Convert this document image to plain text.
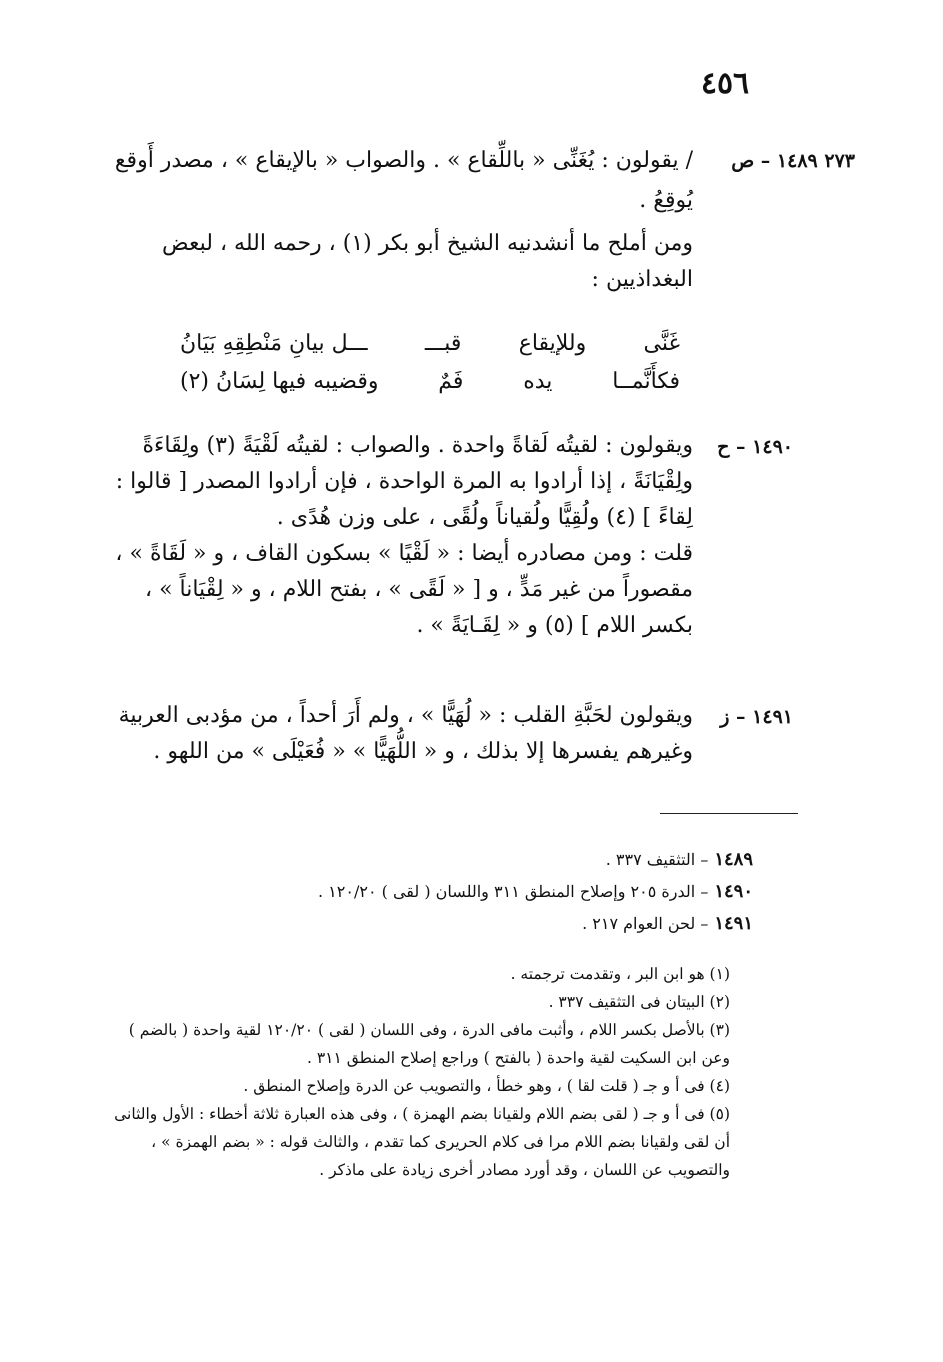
٤٥٦
٢٧٣ ١٤٨٩ – ص
/ يقولون : يُغَنِّى « باللِّقاع » . والصواب « بالإيقاع » ، مصدر أَوقع
يُوقِعُ .

ومن أملح ما أنشدنيه الشيخ أبو بكر (١) ، رحمه الله ، لبعض البغداذيين :

غَنَّى
وللإيقاع
قبـــ
ـــل بيانِ مَنْطِقِهِ بَيَانُ
فكأَنَّمــا
يده
فَمٌ
وقضيبه فيها لِسَانُ (٢)
١٤٩٠ – ح

ويقولون : لقيتُه لَقاةً واحدة . والصواب : لقيتُه لَقْيَةً (٣) ولِقَاءَةً ولِقْيَانَةً ، إذا أرادوا به المرة الواحدة ، فإن أرادوا المصدر [ قالوا : لِقاءً ] (٤) ولُقِيًّا ولُقياناً ولُقًى ، على وزن هُدًى .

قلت : ومن مصادره أيضا : « لَقْيًا » بسكون القاف ، و « لَقَاةً » ، مقصوراً من غير مَدٍّ ، و [ « لَقًى » ، بفتح اللام ، و « لِقْيَاناً » ، بكسر اللام ] (٥) و « لِقَـايَةً » .

١٤٩١ – ز

ويقولون لحَبَّةِ القلب : « لُهَيًّا » ، ولم أَرَ أحداً ، من مؤدبى العربية وغيرهم يفسرها إلا بذلك ، و « اللُّهَيًّا » « فُعَيْلَى » من اللهو .

١٤٨٩– التثقيف ٣٣٧ .
١٤٩٠– الدرة ٢٠٥ وإصلاح المنطق ٣١١ واللسان ( لقى ) ١٢٠/٢٠ .
١٤٩١– لحن العوام ٢١٧ .

(١) هو ابن البر ، وتقدمت ترجمته .

(٢) البيتان فى التثقيف ٣٣٧ .

(٣) بالأصل بكسر اللام ، وأثبت مافى الدرة ، وفى اللسان ( لقى ) ١٢٠/٢٠ لقية واحدة ( بالضم ) وعن ابن السكيت لقية واحدة ( بالفتح ) وراجع إصلاح المنطق ٣١١ .

(٤) فى أ و جـ ( قلت لقا ) ، وهو خطأ ، والتصويب عن الدرة وإصلاح المنطق .

(٥) فى أ و جـ ( لقى بضم اللام ولقيانا بضم الهمزة ) ، وفى هذه العبارة ثلاثة أخطاء : الأول والثانى أن لقى ولقيانا بضم اللام مرا فى كلام الحريرى كما تقدم ، والثالث قوله : « بضم الهمزة » ، والتصويب عن اللسان ، وقد أورد مصادر أخرى زيادة على ماذكر .
